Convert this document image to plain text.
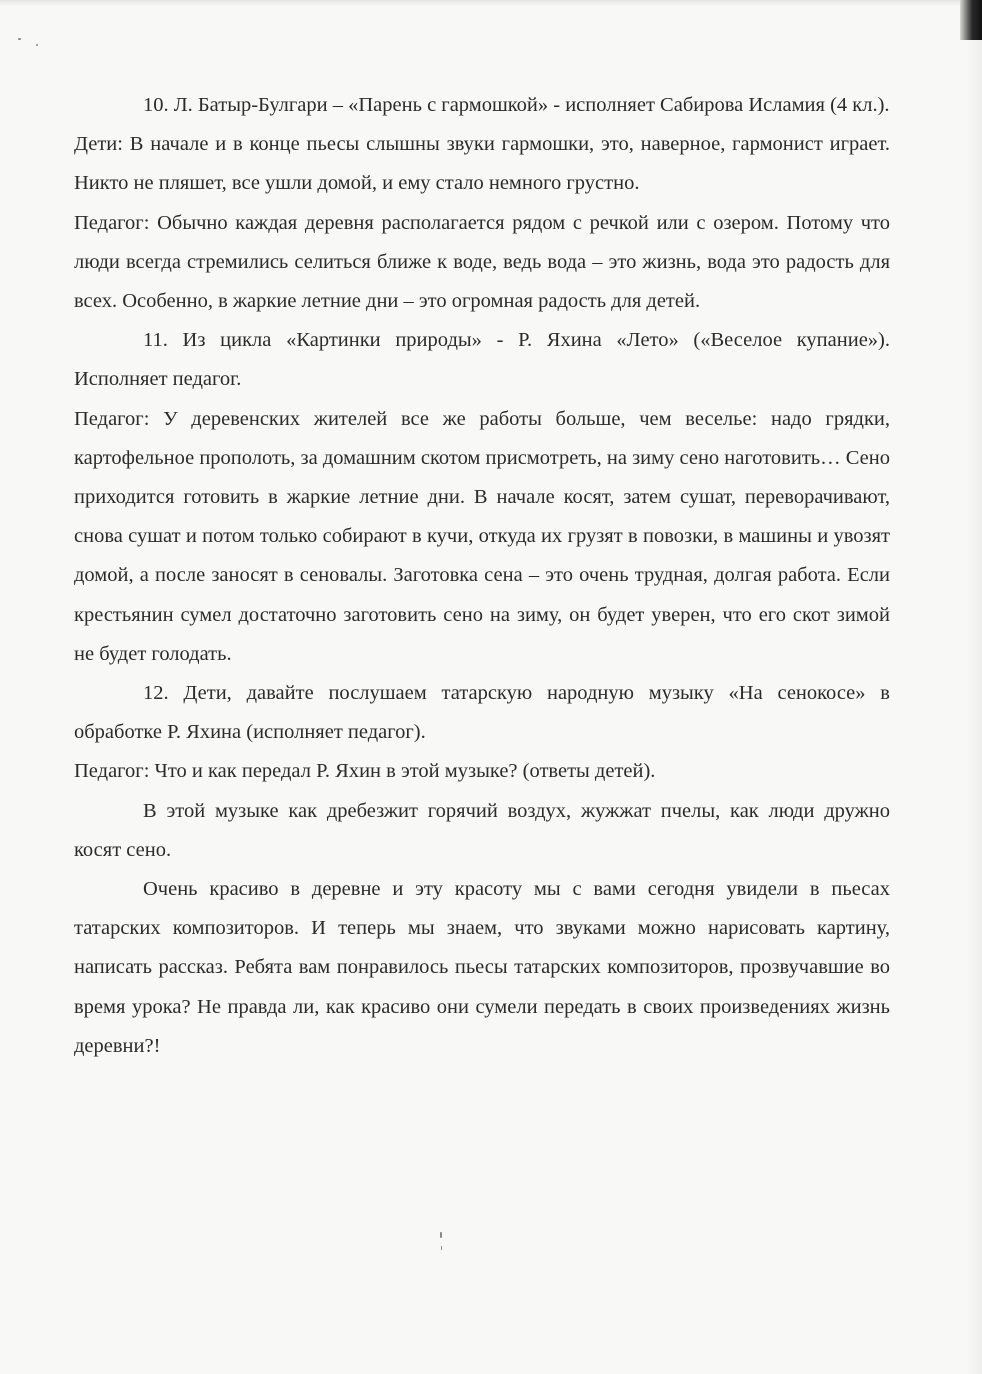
10. Л. Батыр-Булгари – «Парень с гармошкой» - исполняет Сабирова Исламия (4 кл.).

Дети: В начале и в конце пьесы слышны звуки гармошки, это, наверное, гармонист играет. Никто не пляшет, все ушли домой, и ему стало немного грустно.

Педагог: Обычно каждая деревня располагается рядом с речкой или с озером. Потому что люди всегда стремились селиться ближе к воде, ведь вода – это жизнь, вода это радость для всех. Особенно, в жаркие летние дни – это огромная радость для детей.

11. Из цикла «Картинки природы» - Р. Яхина «Лето» («Веселое купание»). Исполняет педагог.

Педагог: У деревенских жителей все же работы больше, чем веселье: надо грядки, картофельное прополоть, за домашним скотом присмотреть, на зиму сено наготовить… Сено приходится готовить в жаркие летние дни. В начале косят, затем сушат, переворачивают, снова сушат и потом только собирают в кучи, откуда их грузят в повозки, в машины и увозят домой, а после заносят в сеновалы. Заготовка сена – это очень трудная, долгая работа. Если крестьянин сумел достаточно заготовить сено на зиму, он будет уверен, что его скот зимой не будет голодать.

12. Дети, давайте послушаем татарскую народную музыку «На сенокосе» в обработке Р. Яхина (исполняет педагог).

Педагог: Что и как передал Р. Яхин в этой музыке? (ответы детей).

В этой музыке как дребезжит горячий воздух, жужжат пчелы, как люди дружно косят сено.

Очень красиво в деревне и эту красоту мы с вами сегодня увидели в пьесах татарских композиторов. И теперь мы знаем, что звуками можно нарисовать картину, написать рассказ. Ребята вам понравилось пьесы татарских композиторов, прозвучавшие во время урока? Не правда ли, как красиво они сумели передать в своих произведениях жизнь деревни?!
